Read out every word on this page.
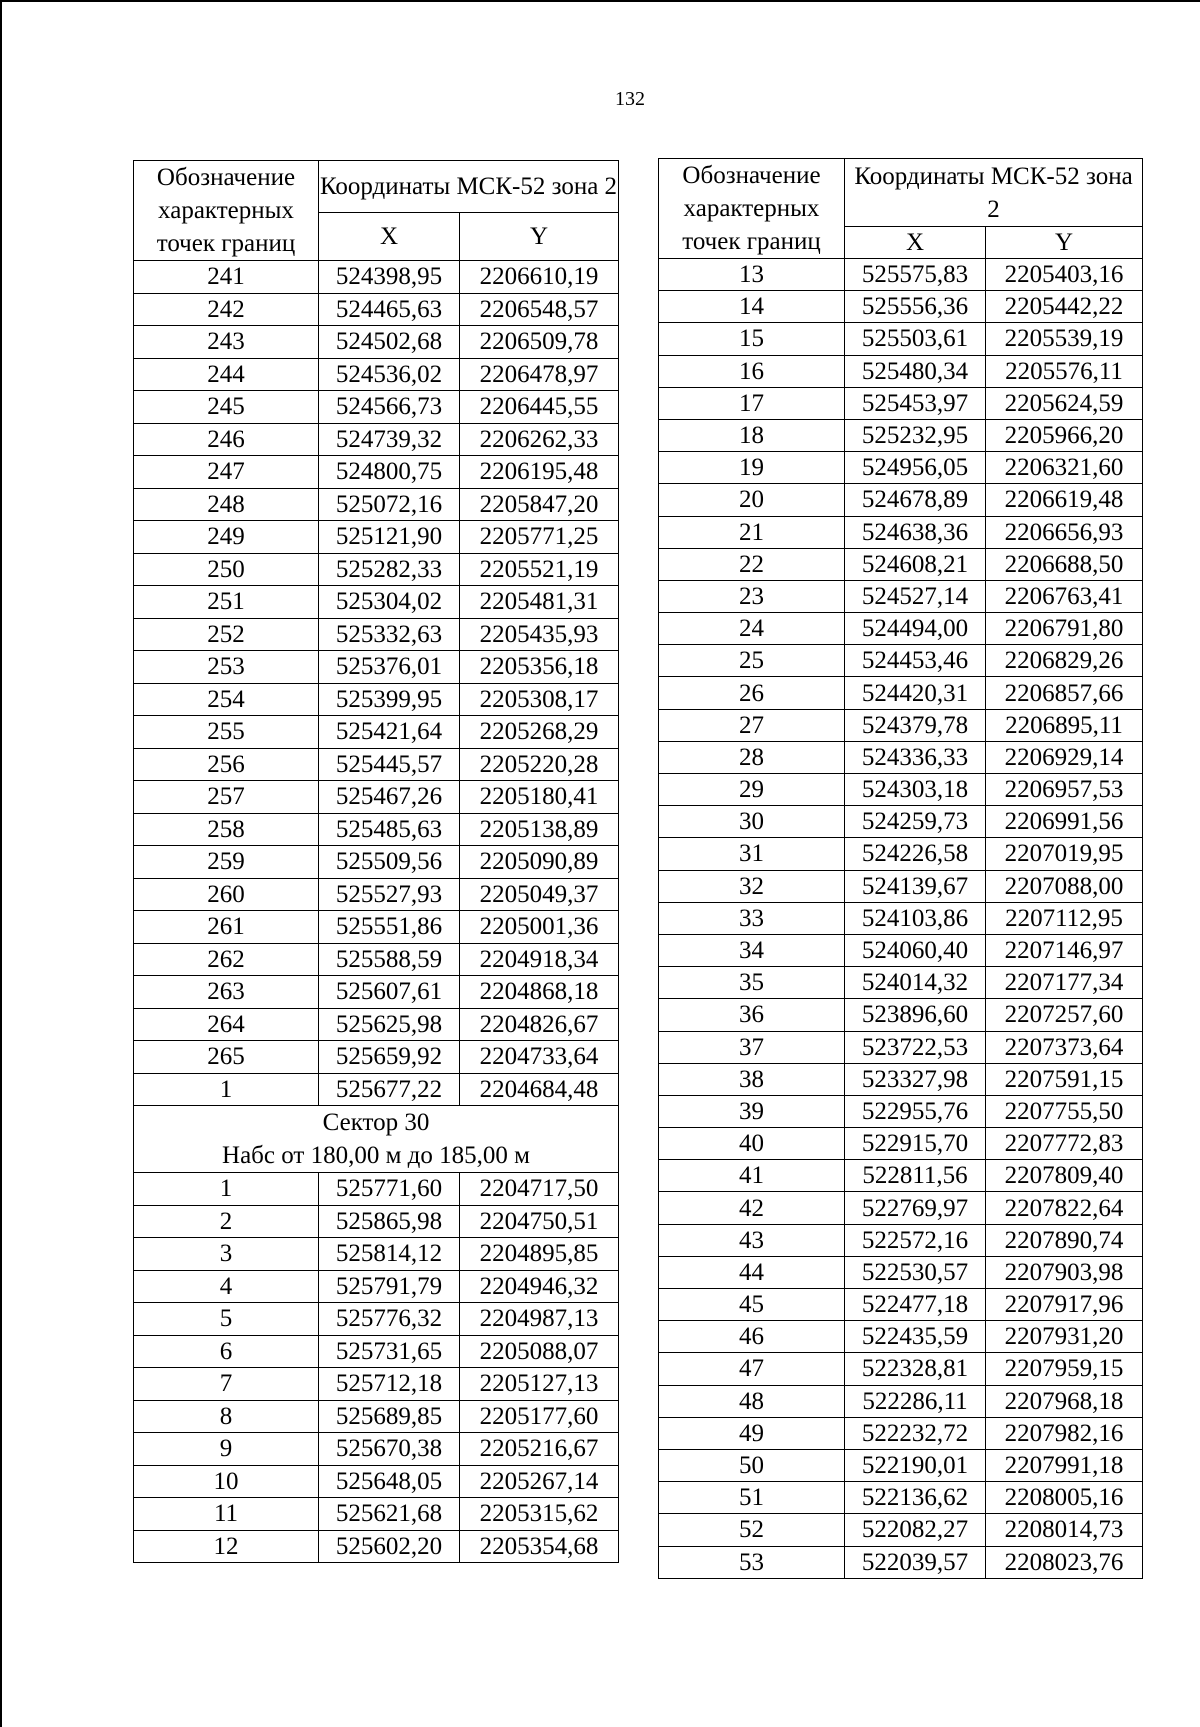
132
Обозначение характерных точек границ	Координаты МСК-52 зона 2	
	X	Y
241	524398,95	2206610,19
242	524465,63	2206548,57
243	524502,68	2206509,78
244	524536,02	2206478,97
245	524566,73	2206445,55
246	524739,32	2206262,33
247	524800,75	2206195,48
248	525072,16	2205847,20
249	525121,90	2205771,25
250	525282,33	2205521,19
251	525304,02	2205481,31
252	525332,63	2205435,93
253	525376,01	2205356,18
254	525399,95	2205308,17
255	525421,64	2205268,29
256	525445,57	2205220,28
257	525467,26	2205180,41
258	525485,63	2205138,89
259	525509,56	2205090,89
260	525527,93	2205049,37
261	525551,86	2205001,36
262	525588,59	2204918,34
263	525607,61	2204868,18
264	525625,98	2204826,67
265	525659,92	2204733,64
1	525677,22	2204684,48

Сектор 30
Набс от 180,00 м до 185,00 м		

1	525771,60	2204717,50
2	525865,98	2204750,51
3	525814,12	2204895,85
4	525791,79	2204946,32
5	525776,32	2204987,13
6	525731,65	2205088,07
7	525712,18	2205127,13
8	525689,85	2205177,60
9	525670,38	2205216,67
10	525648,05	2205267,14
11	525621,68	2205315,62
12	525602,20	2205354,68
Обозначение характерных точек границ	Координаты МСК-52 зона 2	
	X	Y
13	525575,83	2205403,16
14	525556,36	2205442,22
15	525503,61	2205539,19
16	525480,34	2205576,11
17	525453,97	2205624,59
18	525232,95	2205966,20
19	524956,05	2206321,60
20	524678,89	2206619,48
21	524638,36	2206656,93
22	524608,21	2206688,50
23	524527,14	2206763,41
24	524494,00	2206791,80
25	524453,46	2206829,26
26	524420,31	2206857,66
27	524379,78	2206895,11
28	524336,33	2206929,14
29	524303,18	2206957,53
30	524259,73	2206991,56
31	524226,58	2207019,95
32	524139,67	2207088,00
33	524103,86	2207112,95
34	524060,40	2207146,97
35	524014,32	2207177,34
36	523896,60	2207257,60
37	523722,53	2207373,64
38	523327,98	2207591,15
39	522955,76	2207755,50
40	522915,70	2207772,83
41	522811,56	2207809,40
42	522769,97	2207822,64
43	522572,16	2207890,74
44	522530,57	2207903,98
45	522477,18	2207917,96
46	522435,59	2207931,20
47	522328,81	2207959,15
48	522286,11	2207968,18
49	522232,72	2207982,16
50	522190,01	2207991,18
51	522136,62	2208005,16
52	522082,27	2208014,73
53	522039,57	2208023,76
